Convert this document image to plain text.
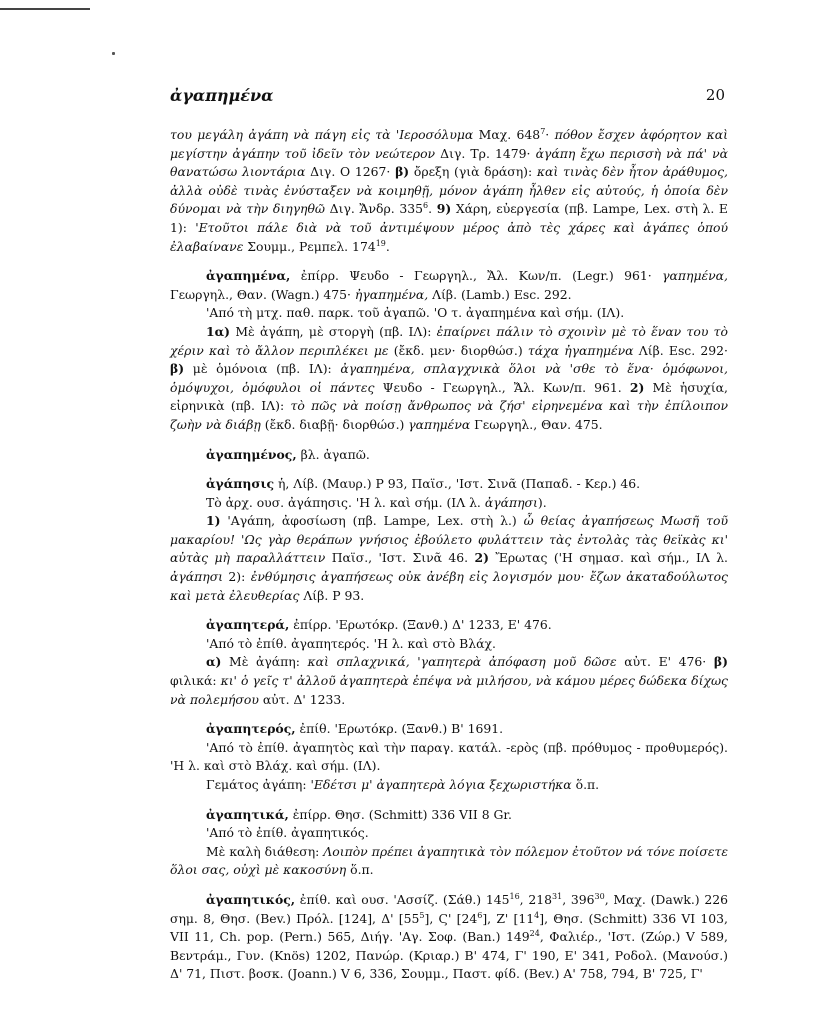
ἀγαπημένα	20

του μεγάλη ἀγάπη νὰ πάγη εἰς τὰ 'Ιεροσόλυμα Μαχ. $648^7\cdot \pi ό\theta o\nu$ ἔσχεν ἀφόρητον καὶ μεγίστην ἀγάπην τοῦ ἰδεῖν τὸν νεώτερον Διγ. Τρ. 1479· ἀγάπη ἔχω περισσὴ νὰ πά' νὰ θανατώσω λιοντάρια Διγ. Ο 1267· β) ὄρεξη (γιὰ δράση): καὶ τινὰς δὲν ἦτον ἀράθυμος, ἀλλὰ οὐδὲ τινὰς ἐνύσταξεν νὰ κοιμηθῇ, μόνον ἀγάπη ἦλθεν εἰς αὐτούς, ἡ ὁποία δὲν δύνομαι νὰ τὴν διηγηθῶ Διγ. Ἄνδρ. $335^6$. 9) Χάρη, εὐεργεσία (πβ. Lampe, Lex. στὴ λ. Ε 1): 'Ετοῦτοι πάλε διὰ νὰ τοῦ ἀντιμέψουν μέρος ἀπὸ τὲς χάρες καὶ ἀγάπες ὁπού ἐλαβαίνανε Σουμμ., Ρεμπελ. $174^{19}$.

ἀγαπημένα, ἐπίρρ. Ψευδο - Γεωργηλ., Ἄλ. Κων/π. (Legr.) 961· γαπημένα, Γεωργηλ., Θαν. (Wagn.) 475· ἠγαπημένα, Λίβ. (Lamb.) Esc. 292.

'Από τὴ μτχ. παθ. παρκ. τοῦ ἀγαπῶ. 'Ο τ. ἀγαπημένα καὶ σήμ. (ΙΛ).

1α) Μὲ ἀγάπη, μὲ στοργὴ (πβ. ΙΛ): ἐπαίρνει πάλιν τὸ σχοινὶν μὲ τὸ ἕναν του τὸ χέριν καὶ τὸ ἄλλον περιπλέκει με (ἔκδ. μεν· διορθώσ.) τάχα ἠγαπημένα Λίβ. Esc. 292· β) μὲ ὁμόνοια (πβ. ΙΛ): ἀγαπημένα, σπλαγχνικὰ ὅλοι νὰ 'σθε τὸ ἕνα· ὁμόφωνοι, ὁμόψυχοι, ὁμόφυλοι οἱ πάντες Ψευδο - Γεωργηλ., Ἄλ. Κων/π. 961. 2) Μὲ ἡσυχία, εἰρηνικὰ (πβ. ΙΛ): τὸ πῶς νὰ ποίσῃ ἄνθρωπος νὰ ζήσ' εἰρηνεμένα καὶ τὴν ἐπίλοιπον ζωὴν νὰ διάβῃ (ἔκδ. διαβῇ· διορθώσ.) γαπημένα Γεωργηλ., Θαν. 475.

ἀγαπημένος, βλ. ἀγαπῶ.

ἀγάπησις ἡ, Λίβ. (Μαυρ.) P 93, Παϊσ., 'Ιστ. Σινᾶ (Παπαδ. - Κερ.) 46.

Τὸ ἀρχ. ουσ. ἀγάπησις. 'Η λ. καὶ σήμ. (ΙΛ λ. ἀγάπησι).

1) 'Αγάπη, ἀφοσίωση (πβ. Lampe, Lex. στὴ λ.) ὦ θείας ἀγαπήσεως Μωσῆ τοῦ μακαρίου! 'Ως γὰρ θεράπων γνήσιος ἐβούλετο φυλάττειν τὰς ἐντολὰς τὰς θεϊκὰς κι' αὐτὰς μὴ παραλλάττειν Παϊσ., 'Ιστ. Σινᾶ 46. 2) Ἔρωτας ('Η σημασ. καὶ σήμ., ΙΛ λ. ἀγάπησι 2): ἐνθύμησις ἀγαπήσεως οὐκ ἀνέβη εἰς λογισμόν μου· ἔζων ἀκαταδούλωτος καὶ μετὰ ἐλευθερίας Λίβ. P 93.

ἀγαπητερά, ἐπίρρ. 'Ερωτόκρ. (Ξανθ.) Δ' 1233, Ε' 476.

'Από τὸ ἐπίθ. ἀγαπητερός. 'Η λ. καὶ στὸ Βλάχ.

α) Μὲ ἀγάπη: καὶ σπλαχνικά, 'γαπητερὰ ἀπόφαση μοῦ δῶσε αὐτ. Ε' 476· β) φιλικά: κι' ὁ γεῖς τ' ἀλλοῦ ἀγαπητερὰ ἐπέψα νὰ μιλήσου, νὰ κάμου μέρες δώδεκα δίχως νὰ πολεμήσου αὐτ. Δ' 1233.

ἀγαπητερός, ἐπίθ. 'Ερωτόκρ. (Ξανθ.) Β' 1691.

'Από τὸ ἐπίθ. ἀγαπητὸς καὶ τὴν παραγ. κατάλ. -ερὸς (πβ. πρόθυμος - προθυμερός). 'Η λ. καὶ στὸ Βλάχ. καὶ σήμ. (ΙΛ).

Γεμάτος ἀγάπη: 'Εδέτσι μ' ἀγαπητερὰ λόγια ξεχωριστήκα ὅ.π.

ἀγαπητικά, ἐπίρρ. Θησ. (Schmitt) 336 VII 8 Gr.

'Από τὸ ἐπίθ. ἀγαπητικός.

Μὲ καλὴ διάθεση: Λοιπὸν πρέπει ἀγαπητικὰ τὸν πόλεμον ἐτοῦτον νά τόνε ποίσετε ὅλοι σας, οὐχὶ μὲ κακοσύνη ὅ.π.

ἀγαπητικός, ἐπίθ. καὶ ουσ. 'Ασσίζ. (Σάθ.) $145^{16}$, $218^{31}$, $396^{30}$, Μαχ. (Dawk.) 226 σημ. 8, Θησ. (Bev.) Πρόλ. [124], Δ' $[55^5]$, Ϛ' $[24^6]$, Ζ' $[11^4]$, Θησ. (Schmitt) 336 VI 103, VII 11, Ch. pop. (Pern.) 565, Διήγ. 'Αγ. Σοφ. (Ban.) $149^{24}$, Φαλιέρ., 'Ιστ. (Ζώρ.) V 589, Βεντράμ., Γυν. (Knös) 1202, Πανώρ. (Κριαρ.) Β' 474, Γ' 190, Ε' 341, Ροδολ. (Μανούσ.) Δ' 71, Πιστ. βοσκ. (Joann.) V 6, 336, Σουμμ., Παστ. φίδ. (Bev.) Α' 758, 794, Β' 725, Γ'
